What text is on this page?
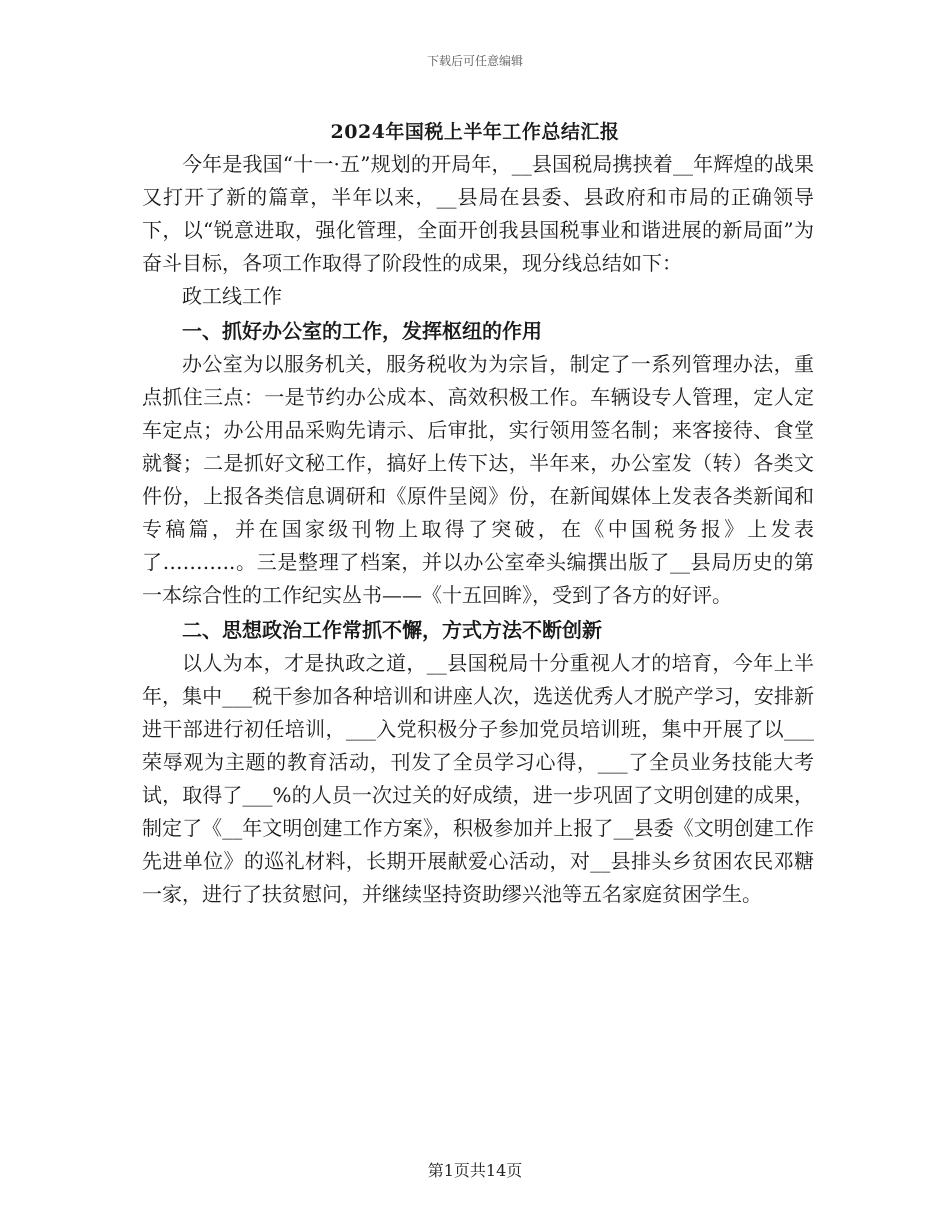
下载后可任意编辑
2024年国税上半年工作总结汇报

今年是我国“十一·五”规划的开局年，__县国税局携挟着__年辉煌的战果又打开了新的篇章，半年以来，__县局在县委、县政府和市局的正确领导下，以“锐意进取，强化管理，全面开创我县国税事业和谐进展的新局面”为奋斗目标，各项工作取得了阶段性的成果，现分线总结如下：

政工线工作

一、抓好办公室的工作，发挥枢纽的作用

办公室为以服务机关，服务税收为为宗旨，制定了一系列管理办法，重点抓住三点：一是节约办公成本、高效积极工作。车辆设专人管理，定人定车定点；办公用品采购先请示、后审批，实行领用签名制；来客接待、食堂就餐；二是抓好文秘工作，搞好上传下达，半年来，办公室发（转）各类文件份，上报各类信息调研和《原件呈阅》份，在新闻媒体上发表各类新闻和专稿篇，并在国家级刊物上取得了突破，在《中国税务报》上发表了………..。三是整理了档案，并以办公室牵头编撰出版了__县局历史的第一本综合性的工作纪实丛书——《十五回眸》，受到了各方的好评。

二、思想政治工作常抓不懈，方式方法不断创新

以人为本，才是执政之道，__县国税局十分重视人才的培育，今年上半年，集中___税干参加各种培训和讲座人次，选送优秀人才脱产学习，安排新进干部进行初任培训，___入党积极分子参加党员培训班，集中开展了以___荣辱观为主题的教育活动，刊发了全员学习心得，___了全员业务技能大考试，取得了___%的人员一次过关的好成绩，进一步巩固了文明创建的成果，制定了《__年文明创建工作方案》，积极参加并上报了__县委《文明创建工作先进单位》的巡礼材料，长期开展献爱心活动，对__县排头乡贫困农民邓糖一家，进行了扶贫慰问，并继续坚持资助缪兴池等五名家庭贫困学生。

第1页共14页
